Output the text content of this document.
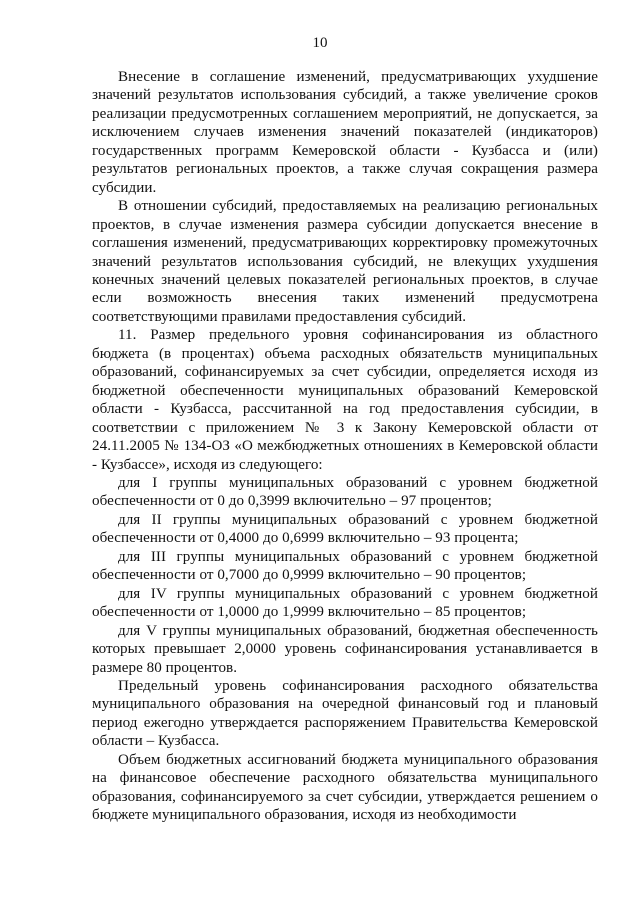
10

Внесение в соглашение изменений, предусматривающих ухудшение значений результатов использования субсидий, а также увеличение сроков реализации предусмотренных соглашением мероприятий, не допускается, за исключением случаев изменения значений показателей (индикаторов) государственных программ Кемеровской области - Кузбасса и (или) результатов региональных проектов, а также случая сокращения размера субсидии.

В отношении субсидий, предоставляемых на реализацию региональных проектов, в случае изменения размера субсидии допускается внесение в соглашения изменений, предусматривающих корректировку промежуточных значений результатов использования субсидий, не влекущих ухудшения конечных значений целевых показателей региональных проектов, в случае если возможность внесения таких изменений предусмотрена соответствующими правилами предоставления субсидий.

11. Размер предельного уровня софинансирования из областного бюджета (в процентах) объема расходных обязательств муниципальных образований, софинансируемых за счет субсидии, определяется исходя из бюджетной обеспеченности муниципальных образований Кемеровской области - Кузбасса, рассчитанной на год предоставления субсидии, в соответствии с приложением № 3 к Закону Кемеровской области от 24.11.2005 № 134-ОЗ «О межбюджетных отношениях в Кемеровской области - Кузбассе», исходя из следующего:

для I группы муниципальных образований с уровнем бюджетной обеспеченности от 0 до 0,3999 включительно – 97 процентов;

для II группы муниципальных образований с уровнем бюджетной обеспеченности от 0,4000 до 0,6999 включительно – 93 процента;

для III группы муниципальных образований с уровнем бюджетной обеспеченности от 0,7000 до 0,9999 включительно – 90 процентов;

для IV группы муниципальных образований с уровнем бюджетной обеспеченности от 1,0000 до 1,9999 включительно – 85 процентов;

для V группы муниципальных образований, бюджетная обеспеченность которых превышает 2,0000 уровень софинансирования устанавливается в размере 80 процентов.

Предельный уровень софинансирования расходного обязательства муниципального образования на очередной финансовый год и плановый период ежегодно утверждается распоряжением Правительства Кемеровской области – Кузбасса.

Объем бюджетных ассигнований бюджета муниципального образования на финансовое обеспечение расходного обязательства муниципального образования, софинансируемого за счет субсидии, утверждается решением о бюджете муниципального образования, исходя из необходимости
